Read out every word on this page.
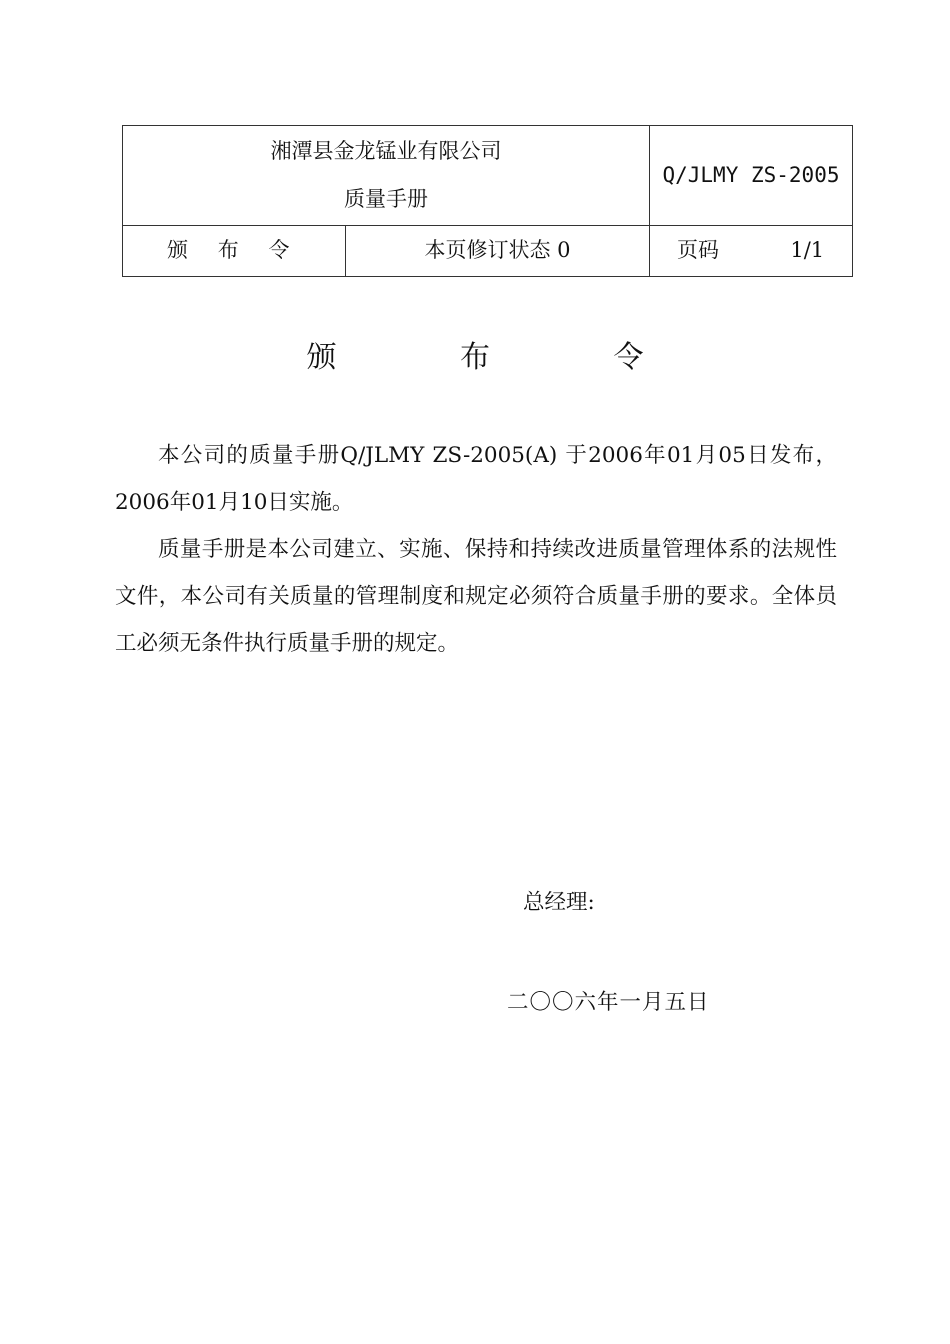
湘潭县金龙锰业有限公司
质量手册		Q/JLMY ZS-2005
颁 布 令	本页修订状态 0	页码 1/1
颁 布 令

本公司的质量手册Q/JLMY ZS-2005(A) 于2006年01月05日发布，2006年01月10日实施。

质量手册是本公司建立、实施、保持和持续改进质量管理体系的法规性文件，本公司有关质量的管理制度和规定必须符合质量手册的要求。全体员工必须无条件执行质量手册的规定。

总经理:
二〇〇六年一月五日
